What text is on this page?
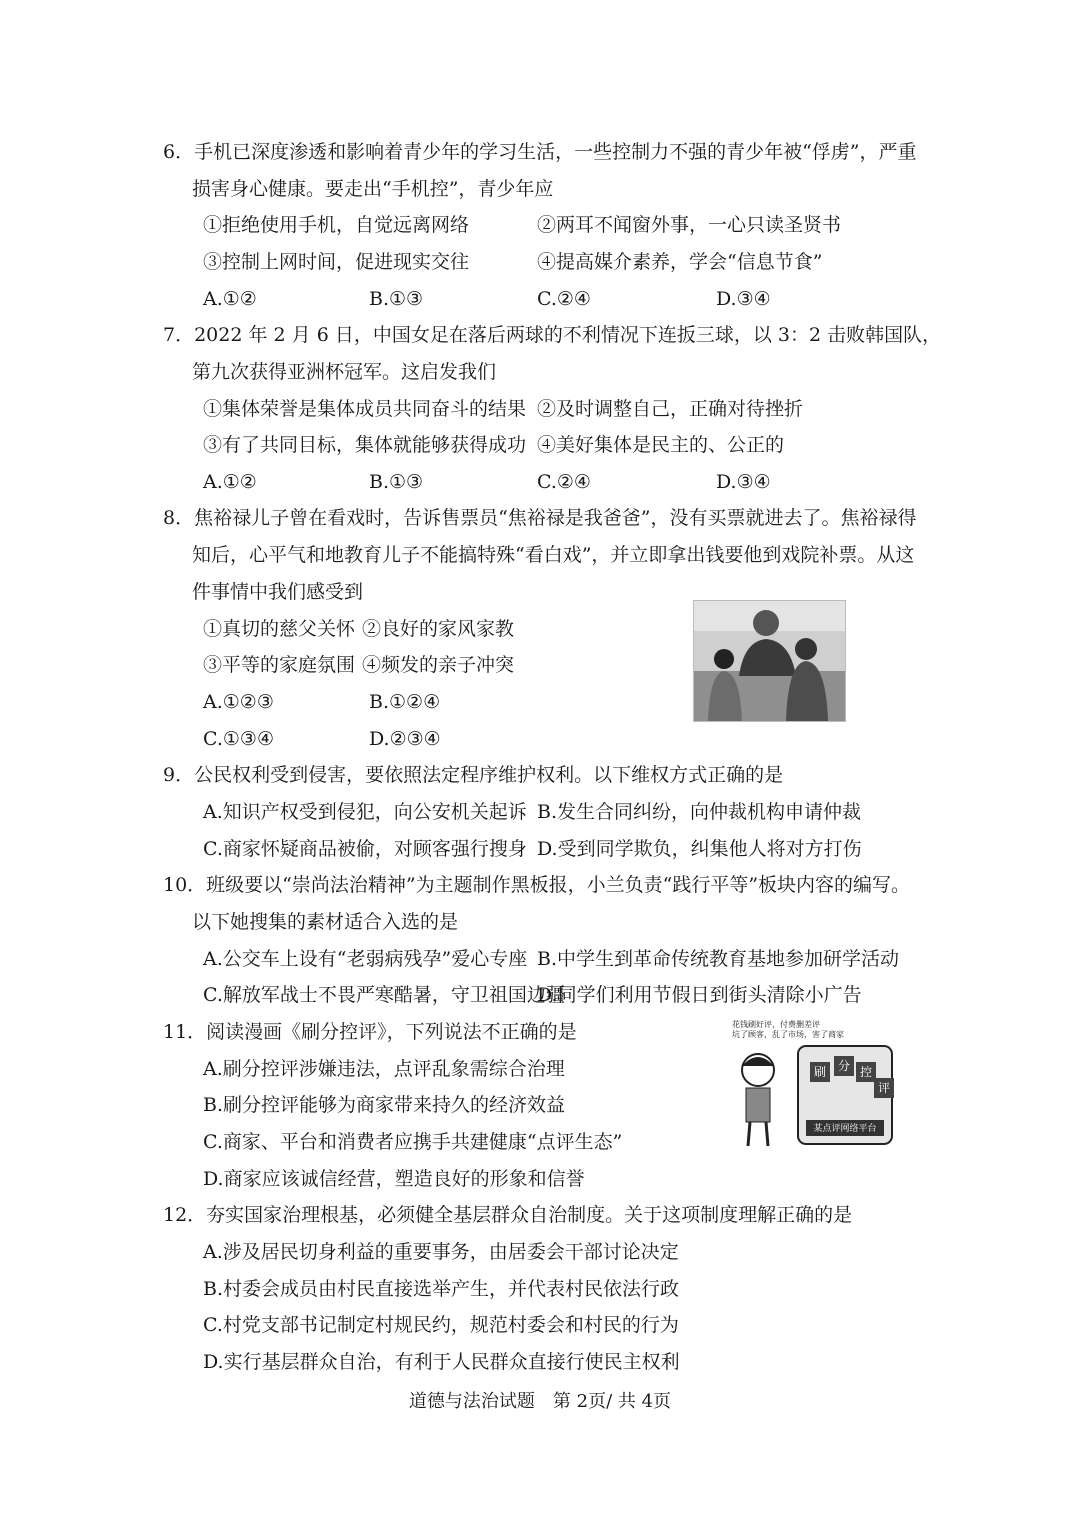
6．手机已深度渗透和影响着青少年的学习生活，一些控制力不强的青少年被“俘虏”，严重
损害身心健康。要走出“手机控”，青少年应
①拒绝使用手机，自觉远离网络	②两耳不闻窗外事，一心只读圣贤书
③控制上网时间，促进现实交往	④提高媒介素养，学会“信息节食”
A.①②	B.①③	C.②④	D.③④
7．2022 年 2 月 6 日，中国女足在落后两球的不利情况下连扳三球，以 3：2 击败韩国队，
第九次获得亚洲杯冠军。这启发我们
①集体荣誉是集体成员共同奋斗的结果 ②及时调整自己，正确对待挫折
③有了共同目标，集体就能够获得成功 ④美好集体是民主的、公正的
A.①②	B.①③	C.②④	D.③④
8．焦裕禄儿子曾在看戏时，告诉售票员“焦裕禄是我爸爸”，没有买票就进去了。焦裕禄得
知后，心平气和地教育儿子不能搞特殊“看白戏”，并立即拿出钱要他到戏院补票。从这
件事情中我们感受到
①真切的慈父关怀 ②良好的家风家教
③平等的家庭氛围 ④频发的亲子冲突
A.①②③	B.①②④
C.①③④	D.②③④
9．公民权利受到侵害，要依照法定程序维护权利。以下维权方式正确的是
A.知识产权受到侵犯，向公安机关起诉 B.发生合同纠纷，向仲裁机构申请仲裁
C.商家怀疑商品被偷，对顾客强行搜身 D.受到同学欺负，纠集他人将对方打伤
10．班级要以“崇尚法治精神”为主题制作黑板报，小兰负责“践行平等”板块内容的编写。
以下她搜集的素材适合入选的是
A.公交车上设有“老弱病残孕”爱心专座 B.中学生到革命传统教育基地参加研学活动
C.解放军战士不畏严寒酷暑，守卫祖国边疆
D.同学们利用节假日到街头清除小广告
11．阅读漫画《刷分控评》，下列说法不正确的是
A.刷分控评涉嫌违法，点评乱象需综合治理
B.刷分控评能够为商家带来持久的经济效益
C.商家、平台和消费者应携手共建健康“点评生态”
D.商家应该诚信经营，塑造良好的形象和信誉
花钱刷好评，付费删差评
坑了顾客，乱了市场，害了商家
刷 分 控
评
某点评网络平台
12．夯实国家治理根基，必须健全基层群众自治制度。关于这项制度理解正确的是
A.涉及居民切身利益的重要事务，由居委会干部讨论决定
B.村委会成员由村民直接选举产生，并代表村民依法行政
C.村党支部书记制定村规民约，规范村委会和村民的行为
D.实行基层群众自治，有利于人民群众直接行使民主权利
道德与法治试题　第 2页/ 共 4页
